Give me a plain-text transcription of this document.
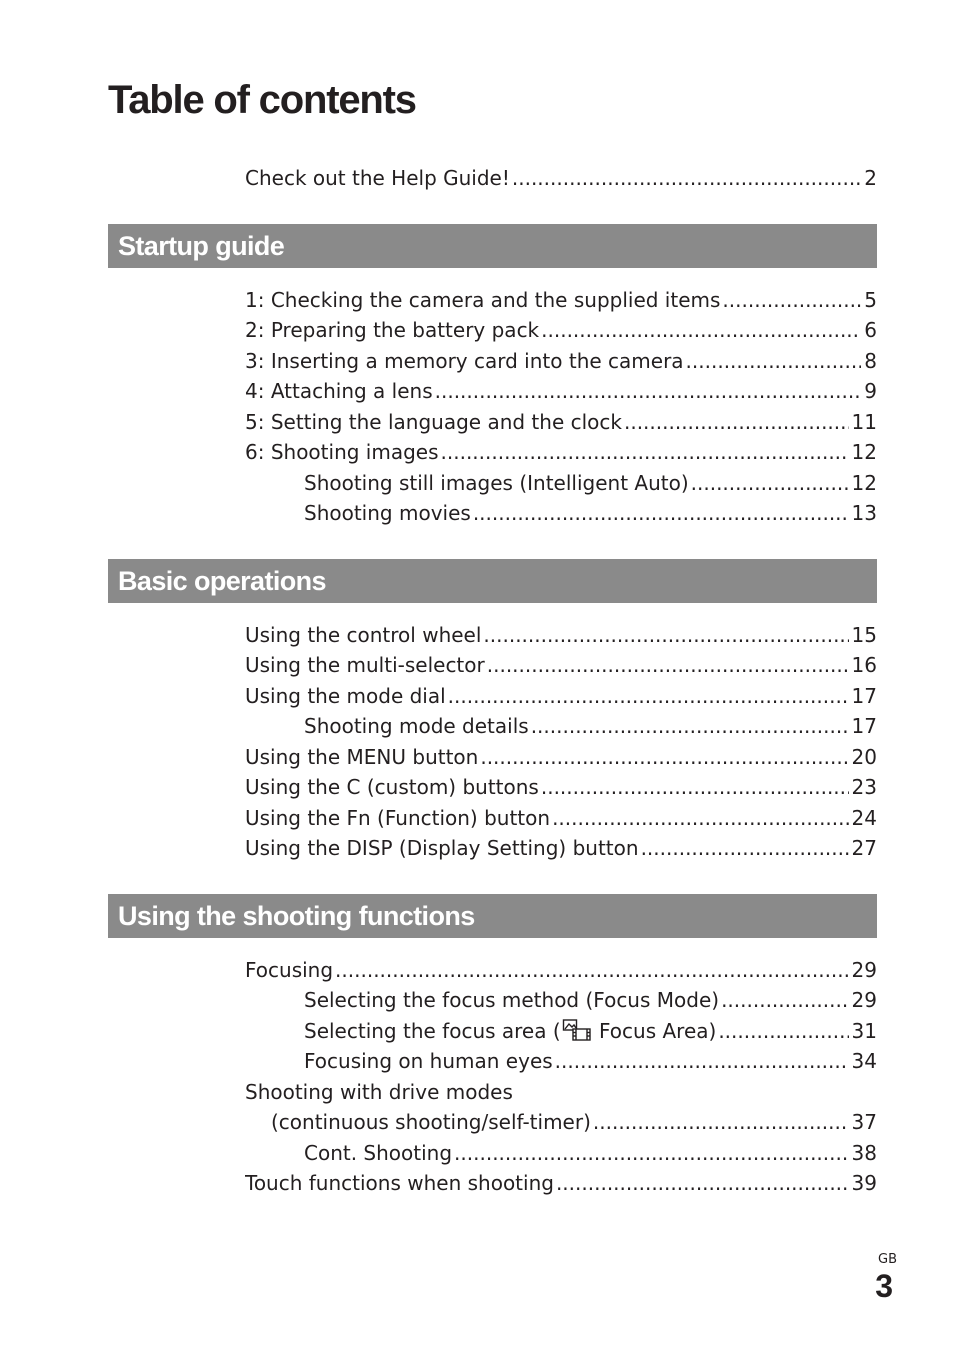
Table of contents
Check out the Help Guide! .....	2
Startup guide
1: Checking the camera and the supplied items .....	5
2: Preparing the battery pack .....	6
3: Inserting a memory card into the camera .....	8
4: Attaching a lens .....	9
5: Setting the language and the clock .....	11
6: Shooting images .....	12
Shooting still images (Intelligent Auto) .....	12
Shooting movies .....	13
Basic operations
Using the control wheel .....	15
Using the multi-selector .....	16
Using the mode dial .....	17
Shooting mode details .....	17
Using the MENU button .....	20
Using the C (custom) buttons .....	23
Using the Fn (Function) button .....	24
Using the DISP (Display Setting) button .....	27
Using the shooting functions
Focusing .....	29
Selecting the focus method (Focus Mode) .....	29
Selecting the focus area ( Focus Area) .....	31
Focusing on human eyes .....	34
Shooting with drive modes
(continuous shooting/self-timer) .....	37
Cont. Shooting .....	38
Touch functions when shooting .....	39
GB
3
